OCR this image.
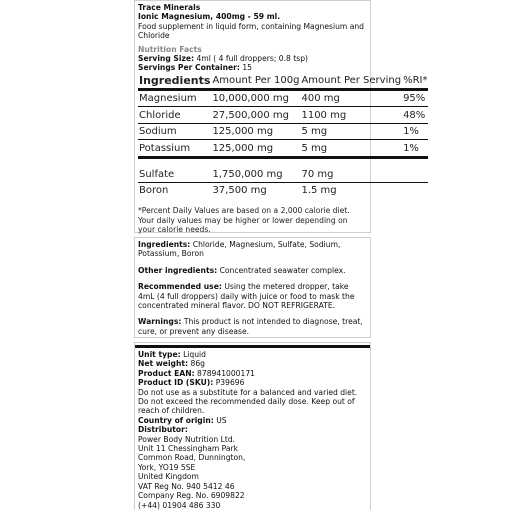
Trace Minerals

Ionic Magnesium, 400mg - 59 ml.

Food supplement in liquid form, containing Magnesium and Chloride

Nutrition Facts

Serving Size: 4ml ( 4 full droppers; 0.8 tsp)

Servings Per Container: 15

Ingredients	Amount Per 100g	Amount Per Serving	%RI*
Magnesium	10,000,000 mg	400 mg	95%
Chloride	27,500,000 mg	1100 mg	48%
Sodium	125,000 mg	5 mg	1%
Potassium	125,000 mg	5 mg	1%

Sulfate	1,750,000 mg	70 mg	
Boron	37,500 mg	1.5 mg	
*Percent Daily Values are based on a 2,000 calorie diet. Your daily values may be higher or lower depending on your calorie needs.

Ingredients: Chloride, Magnesium, Sulfate, Sodium, Potassium, Boron

Other ingredients: Concentrated seawater complex.

Recommended use: Using the metered dropper, take 4mL (4 full droppers) daily with juice or food to mask the concentrated mineral flavor. DO NOT REFRIGERATE.

Warnings: This product is not intended to diagnose, treat, cure, or prevent any disease.

Unit type: Liquid

Net weight: 86g

Product EAN: 878941000171

Product ID (SKU): P39696

Do not use as a substitute for a balanced and varied diet. Do not exceed the recommended daily dose. Keep out of reach of children.

Country of origin: US

Distributor:

Power Body Nutrition Ltd.

Unit 11 Chessingham Park

Common Road, Dunnington,

York, YO19 5SE

United Kingdom

VAT Reg No. 940 5412 46

Company Reg. No. 6909822

(+44) 01904 486 330
